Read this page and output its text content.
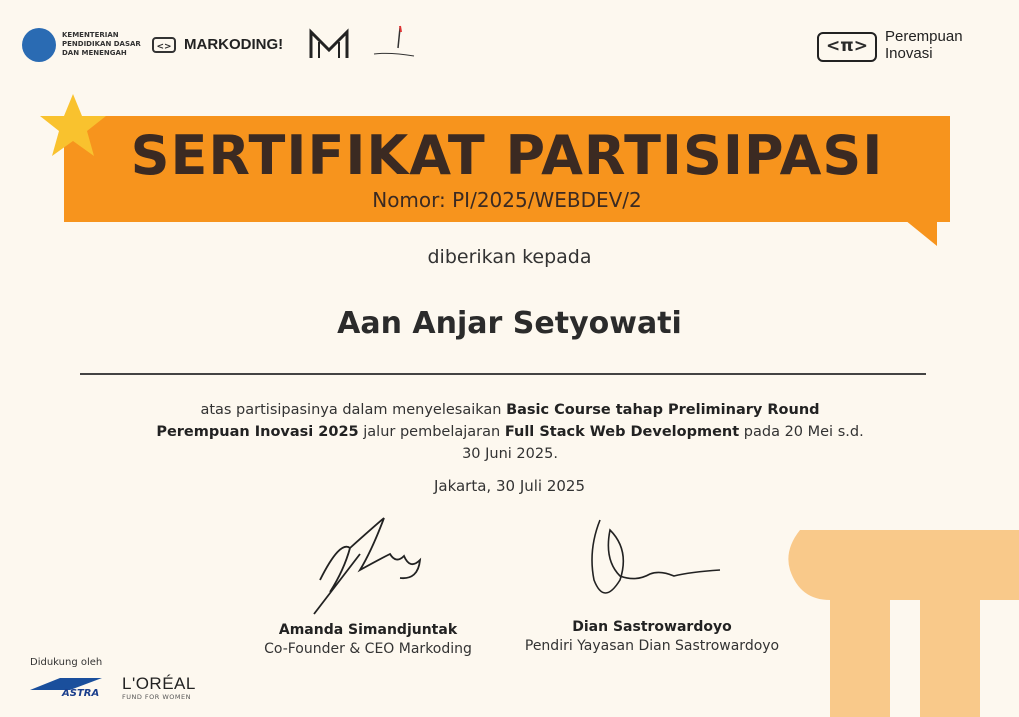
KEMENTERIAN
PENDIDIKAN DASAR
DAN MENENGAH
<> MARKODING!	<π>	Perempuan
Inovasi
SERTIFIKAT PARTISIPASI
Nomor: PI/2025/WEBDEV/2
diberikan kepada
Aan Anjar Setyowati
atas partisipasinya dalam menyelesaikan Basic Course tahap Preliminary Round
Perempuan Inovasi 2025 jalur pembelajaran Full Stack Web Development pada 20 Mei s.d.
30 Juni 2025.
Jakarta, 30 Juli 2025
Amanda Simandjuntak
Co-Founder & CEO Markoding
Dian Sastrowardoyo
Pendiri Yayasan Dian Sastrowardoyo
Didukung oleh
ASTRA
L'ORÉAL
FUND FOR WOMEN
